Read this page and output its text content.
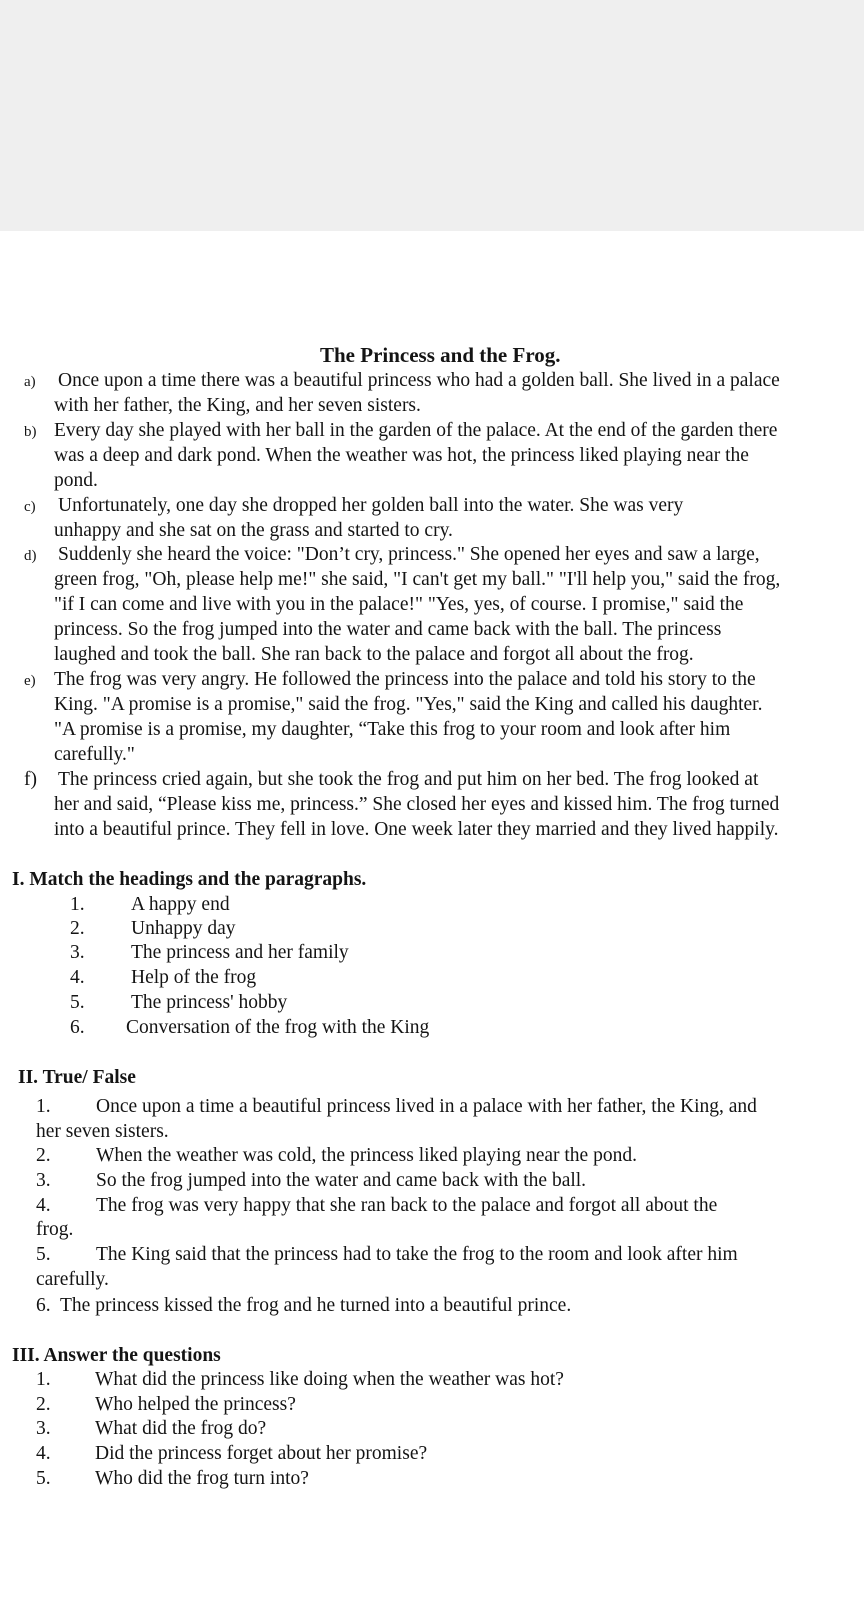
The Princess and the Frog.
a) Once upon a time there was a beautiful princess who had a golden ball. She lived in a palace
with her father, the King, and her seven sisters.
b) Every day she played with her ball in the garden of the palace. At the end of the garden there
was a deep and dark pond. When the weather was hot, the princess liked playing near the
pond.
c) Unfortunately, one day she dropped her golden ball into the water. She was very
unhappy and she sat on the grass and started to cry.
d) Suddenly she heard the voice: "Don’t cry, princess." She opened her eyes and saw a large,
green frog, "Oh, please help me!" she said, "I can't get my ball." "I'll help you," said the frog,
"if I can come and live with you in the palace!" "Yes, yes, of course. I promise," said the
princess. So the frog jumped into the water and came back with the ball. The princess
laughed and took the ball. She ran back to the palace and forgot all about the frog.
e) The frog was very angry. He followed the princess into the palace and told his story to the
King. "A promise is a promise," said the frog. "Yes," said the King and called his daughter.
"A promise is a promise, my daughter, “Take this frog to your room and look after him
carefully."
f) The princess cried again, but she took the frog and put him on her bed. The frog looked at
her and said, “Please kiss me, princess.” She closed her eyes and kissed him. The frog turned
into a beautiful prince. They fell in love. One week later they married and they lived happily.
I. Match the headings and the paragraphs.
1. A happy end
2. Unhappy day
3. The princess and her family
4. Help of the frog
5. The princess' hobby
6. Conversation of the frog with the King
II. True/ False
1. Once upon a time a beautiful princess lived in a palace with her father, the King, and
her seven sisters.
2. When the weather was cold, the princess liked playing near the pond.
3. So the frog jumped into the water and came back with the ball.
4. The frog was very happy that she ran back to the palace and forgot all about the
frog.
5. The King said that the princess had to take the frog to the room and look after him
carefully.
6.  The princess kissed the frog and he turned into a beautiful prince.
III. Answer the questions
1. What did the princess like doing when the weather was hot?
2. Who helped the princess?
3. What did the frog do?
4. Did the princess forget about her promise?
5. Who did the frog turn into?
